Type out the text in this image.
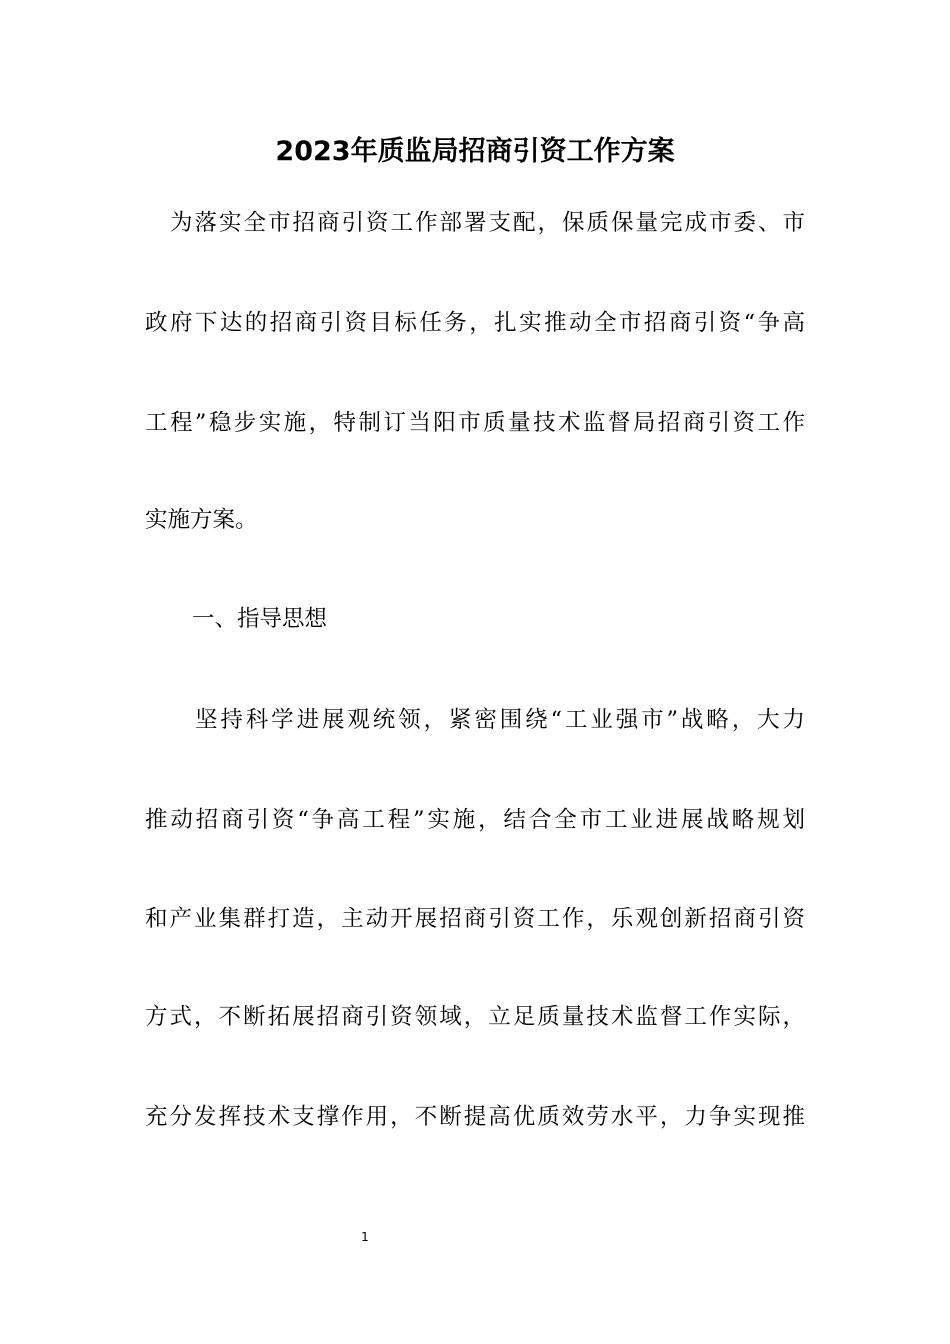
2023年质监局招商引资工作方案
为落实全市招商引资工作部署支配，保质保量完成市委、市
政府下达的招商引资目标任务，扎实推动全市招商引资“争高
工程”稳步实施，特制订当阳市质量技术监督局招商引资工作
实施方案。
一、指导思想
坚持科学进展观统领，紧密围绕“工业强市”战略，大力
推动招商引资“争高工程”实施，结合全市工业进展战略规划
和产业集群打造，主动开展招商引资工作，乐观创新招商引资
方式，不断拓展招商引资领域，立足质量技术监督工作实际，
充分发挥技术支撑作用，不断提高优质效劳水平，力争实现推
1
